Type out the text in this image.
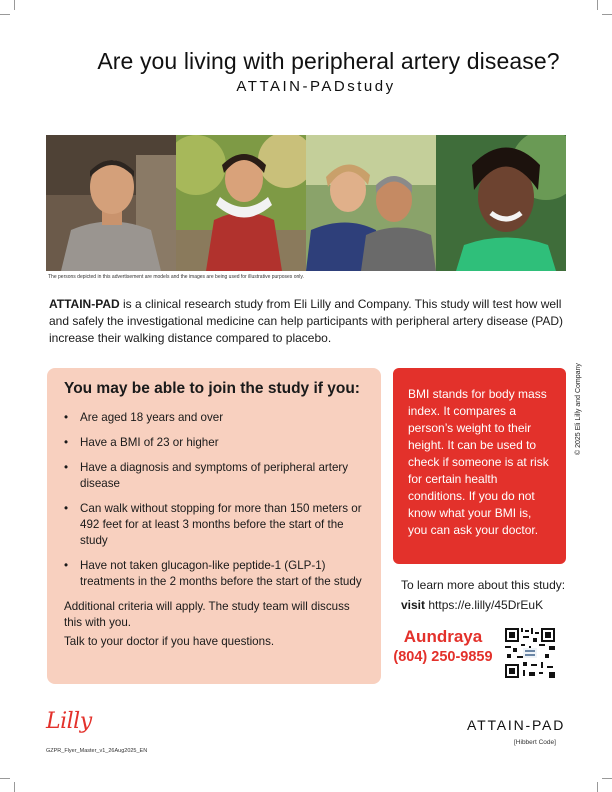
Are you living with peripheral artery disease?
ATTAIN-PADstudy
The persons depicted in this advertisement are models and the images are being used for illustrative purposes only.

ATTAIN-PAD is a clinical research study from Eli Lilly and Company. This study will test how well and safely the investigational medicine can help participants with peripheral artery disease (PAD) increase their walking distance compared to placebo.

You may be able to join the study if you:
• Are aged 18 years and over
• Have a BMI of 23 or higher
• Have a diagnosis and symptoms of peripheral artery disease
• Can walk without stopping for more than 150 meters or 492 feet for at least 3 months before the start of the study
• Have not taken glucagon-like peptide-1 (GLP-1) treatments in the 2 months before the start of the study

Additional criteria will apply. The study team will discuss this with you.

Talk to your doctor if you have questions.

BMI stands for body mass index. It compares a person’s weight to their height. It can be used to check if someone is at risk for certain health conditions. If you do not know what your BMI is, you can ask your doctor.
© 2025 Eli Lilly and Company
To learn more about this study:
visit https://e.lilly/45DrEuK
Aundraya
(804) 250-9859
Lilly
GZPR_Flyer_Master_v1_26Aug2025_EN
ATTAIN-PAD
[Hibbert Code]
